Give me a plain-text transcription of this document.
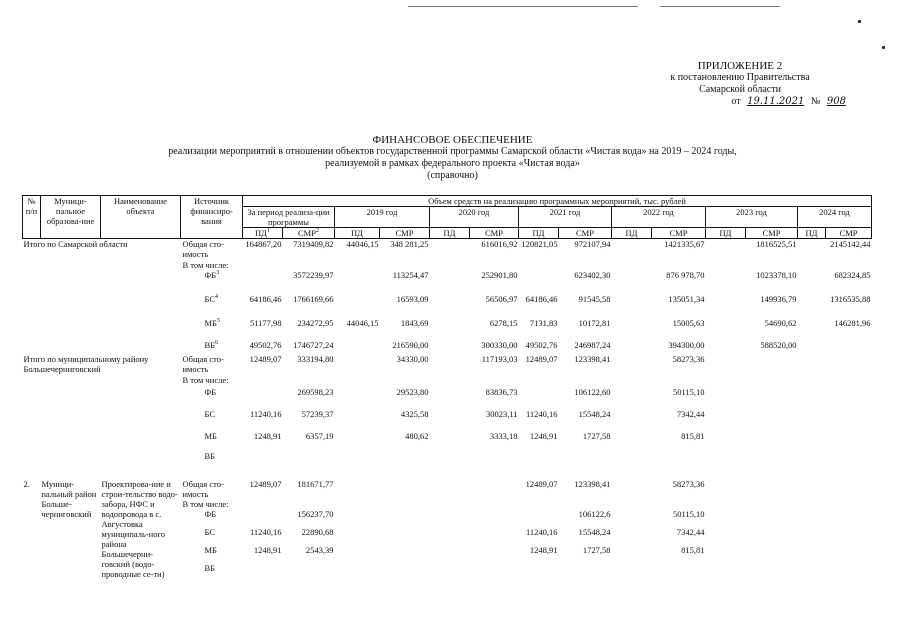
ПРИЛОЖЕНИЕ 2
к постановлению Правительства
Самарской области
от 19.11.2021 № 908
ФИНАНСОВОЕ ОБЕСПЕЧЕНИЕ
реализации мероприятий в отношении объектов государственной программы Самарской области «Чистая вода» на 2019 – 2024 годы,
реализуемой в рамках федерального проекта «Чистая вода»
(справочно)
№ п/п	Муници-пальное образова-ние	Наименование объекта	Источник финансиро-вания	Объем средств на реализацию программных мероприятий, тыс. рублей													
				За период реализа-ции программы		2019 год		2020 год		2021 год		2022 год		2023 год		2024 год	
				$ПД^1$	СМР$^2$	ПД	СМР	ПД	СМР	ПД	СМР	ПД	СМР	ПД	СМР	ПД	СМР
Итого по Самарской области			Общая сто-имость	164867,20	7319409,82	44046,15	348 281,25		616016,92	120821,05	972107,94		1421335,67		1816525,51		2145142,44
			В том числе:														
			$ФБ^3$		3572239,97		113254,47		252901,80		623402,30		876 978,70		1023378,10		682324,85
			$БС^4$	64186,46	1766169,66		16593,09		56506,97	64186,46	91545,58		135051,34		149936,79		1316535,88
			$МБ^5$	51177,98	234272,95	44046,15	1843,69		6278,15	7131,83	10172,81		15005,63		54690,62		146281,96
			$ВБ^6$	49502,76	1746727,24		216590,00		300330,00	49502,76	246987,24		394300,00		588520,00		
Итого по муниципальному району Большечерниговский			Общая сто-имость	12489,07	333194,80		34330,00		117193,03	12489,07	123398,41		58273,36				
			В том числе:														
			ФБ		269598,23		29523,80		83836,73		106122,60		50115,10				
			БС	11240,16	57239,37		4325,58		30023,11	11240,16	15548,24		7342,44				
			МБ	1248,91	6357,19		480,62		3333,18	1248,91	1727,58		815,81				
			ВБ														
2.	Муници-пальный район Больше-черниговский	Проектирова-ние и строи-тельство водо-забора, НФС и водопровода в с. Августовка муниципаль-ного района Большечерни-говский (водо-проводные се-ти)	Общая сто-имость	12489,07	181671,77					12489,07	123398,41		58273,36				
			В том числе:														
			ФБ		156237,70						106122,6		50115,10				
			БС	11240,16	22890,68					11240,16	15548,24		7342,44				
			МБ	1248,91	2543,39					1248,91	1727,58		815,81				
			ВБ														
